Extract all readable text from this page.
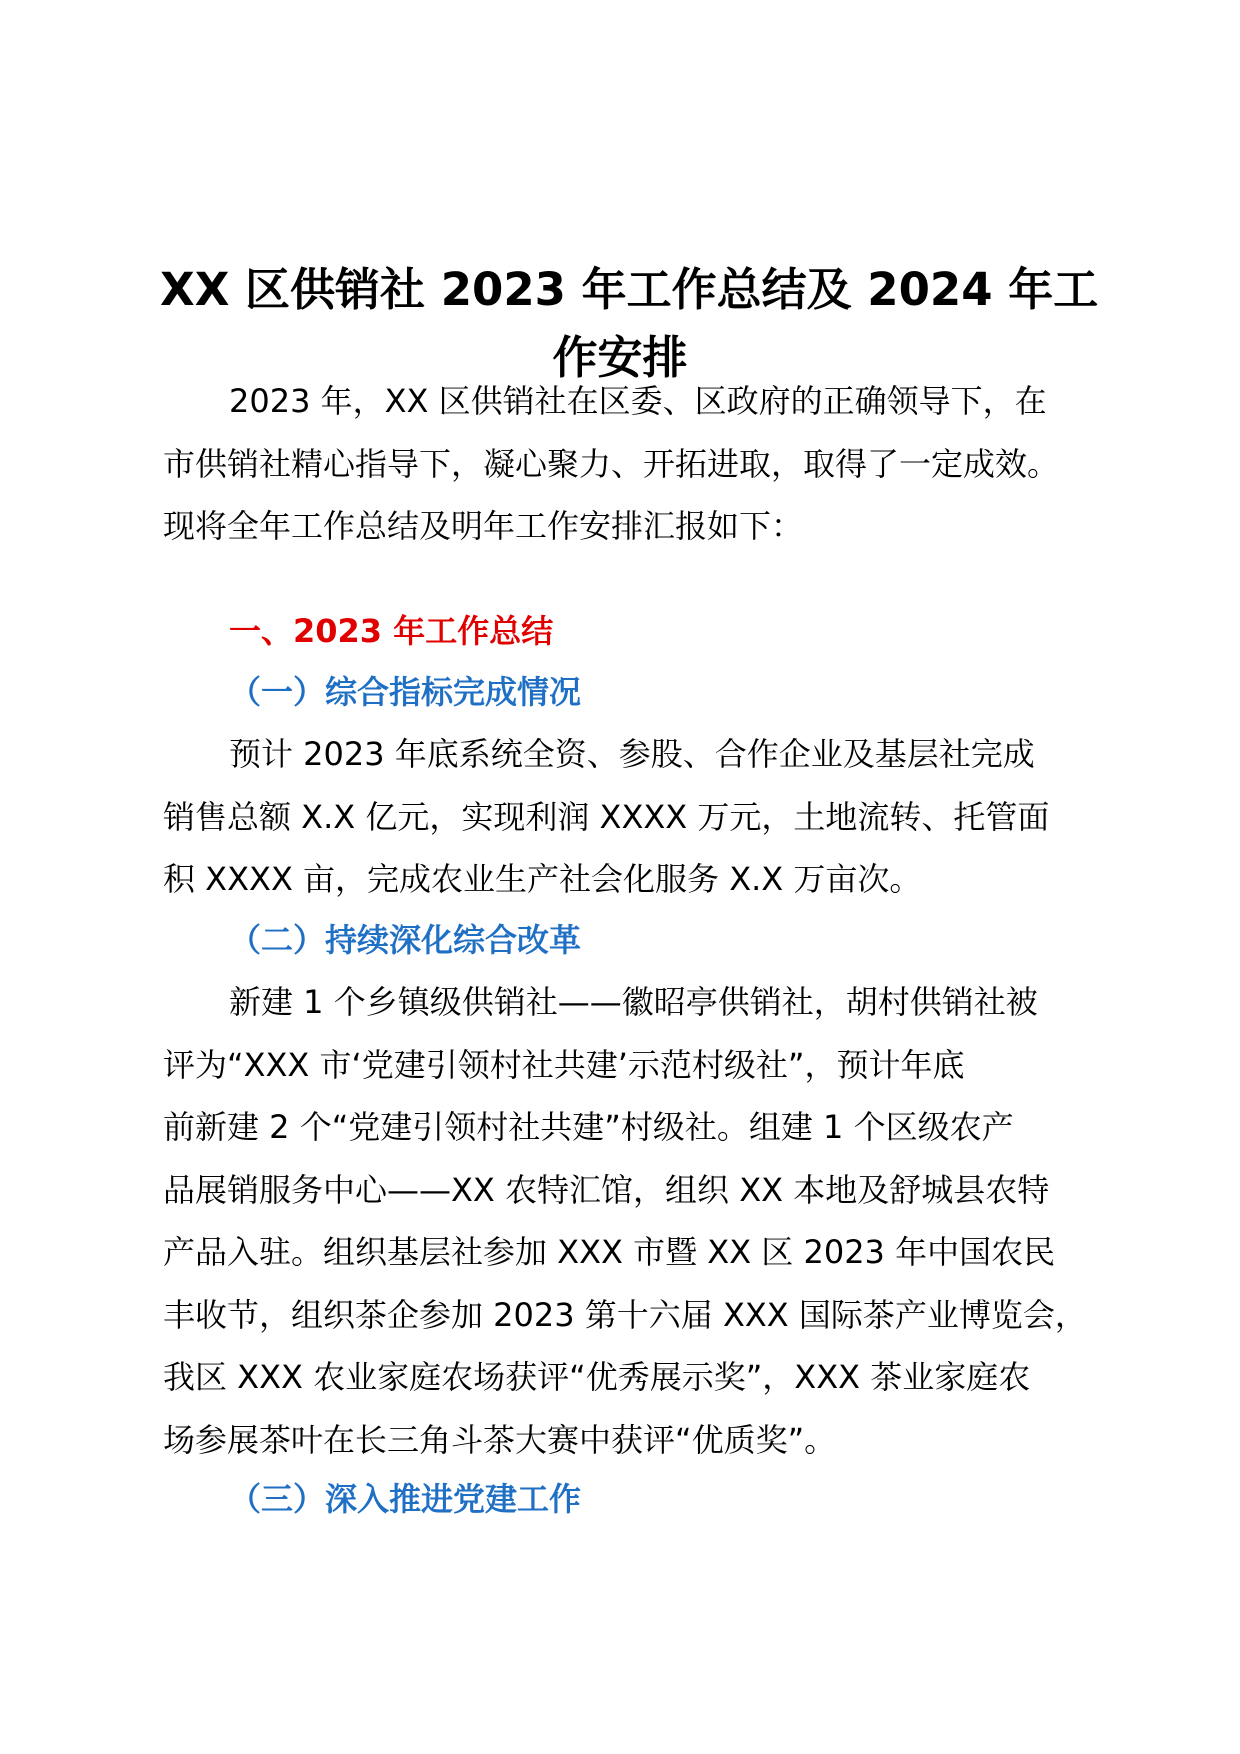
XX 区供销社 2023 年工作总结及 2024 年工
作安排

2023 年，XX 区供销社在区委、区政府的正确领导下，在
市供销社精心指导下，凝心聚力、开拓进取，取得了一定成效。
现将全年工作总结及明年工作安排汇报如下：

一、2023 年工作总结
（一）综合指标完成情况

预计 2023 年底系统全资、参股、合作企业及基层社完成
销售总额 X.X 亿元，实现利润 XXXX 万元，土地流转、托管面
积 XXXX 亩，完成农业生产社会化服务 X.X 万亩次。

（二）持续深化综合改革

新建 1 个乡镇级供销社——徽昭亭供销社，胡村供销社被
评为“XXX 市‘党建引领村社共建’示范村级社”，预计年底
前新建 2 个“党建引领村社共建”村级社。组建 1 个区级农产
品展销服务中心——XX 农特汇馆，组织 XX 本地及舒城县农特
产品入驻。组织基层社参加 XXX 市暨 XX 区 2023 年中国农民
丰收节，组织茶企参加 2023 第十六届 XXX 国际茶产业博览会，
我区 XXX 农业家庭农场获评“优秀展示奖”，XXX 茶业家庭农
场参展茶叶在长三角斗茶大赛中获评“优质奖”。

（三）深入推进党建工作
